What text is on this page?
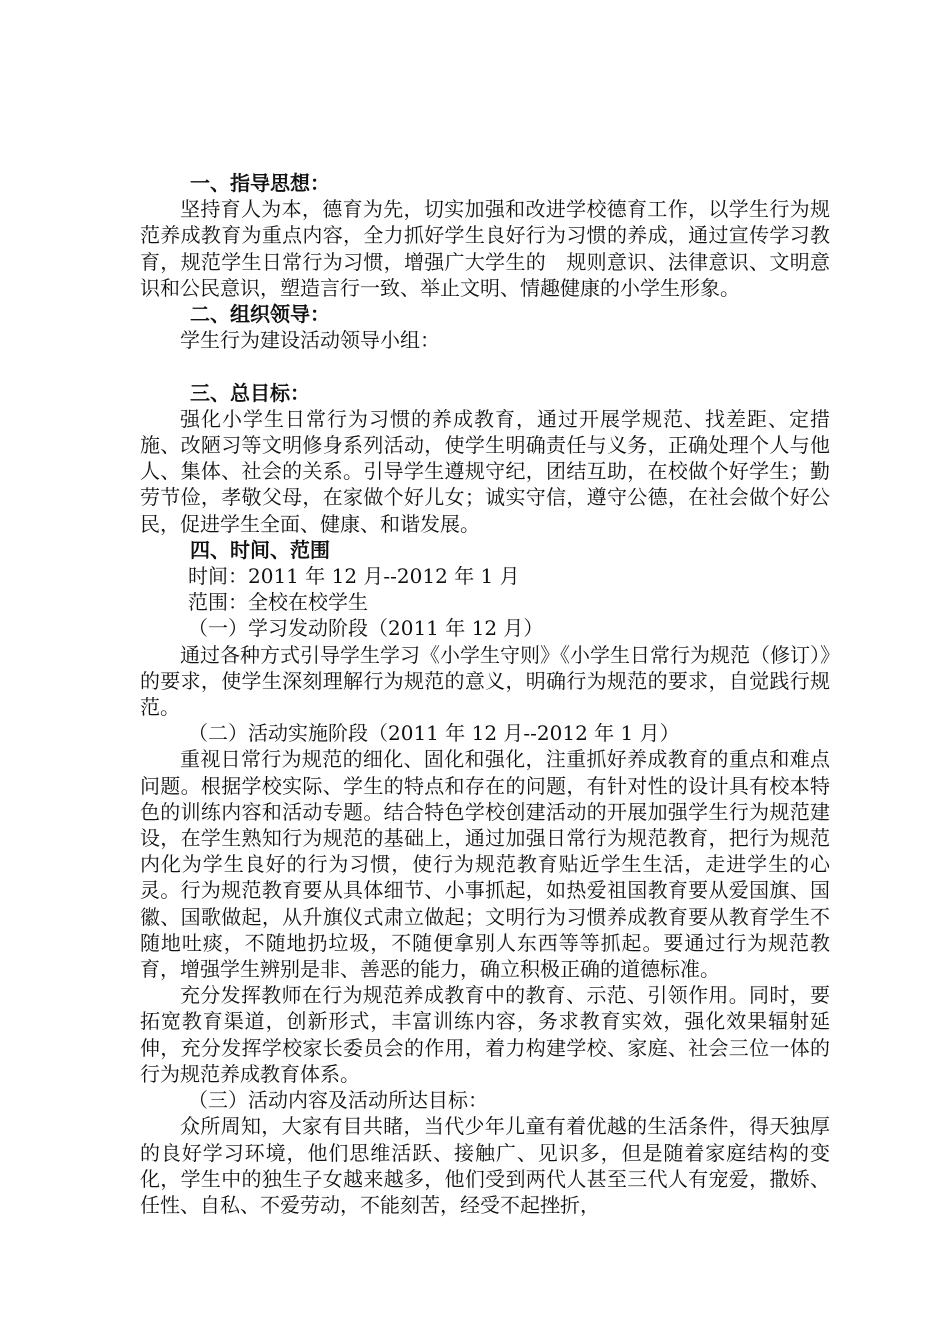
一、指导思想：

坚持育人为本，德育为先，切实加强和改进学校德育工作，以学生行为规范养成教育为重点内容，全力抓好学生良好行为习惯的养成，通过宣传学习教育，规范学生日常行为习惯，增强广大学生的　规则意识、法律意识、文明意识和公民意识，塑造言行一致、举止文明、情趣健康的小学生形象。

二、组织领导：

学生行为建设活动领导小组：

三、总目标：

强化小学生日常行为习惯的养成教育，通过开展学规范、找差距、定措施、改陋习等文明修身系列活动，使学生明确责任与义务，正确处理个人与他人、集体、社会的关系。引导学生遵规守纪，团结互助，在校做个好学生；勤劳节俭，孝敬父母，在家做个好儿女；诚实守信，遵守公德，在社会做个好公民，促进学生全面、健康、和谐发展。

四、时间、范围

时间：2011 年 12 月--2012 年 1 月

范围：全校在校学生

（一）学习发动阶段（2011 年 12 月）

通过各种方式引导学生学习《小学生守则》《小学生日常行为规范（修订）》的要求，使学生深刻理解行为规范的意义，明确行为规范的要求，自觉践行规范。

（二）活动实施阶段（2011 年 12 月--2012 年 1 月）

重视日常行为规范的细化、固化和强化，注重抓好养成教育的重点和难点问题。根据学校实际、学生的特点和存在的问题，有针对性的设计具有校本特色的训练内容和活动专题。结合特色学校创建活动的开展加强学生行为规范建设，在学生熟知行为规范的基础上，通过加强日常行为规范教育，把行为规范内化为学生良好的行为习惯，使行为规范教育贴近学生生活，走进学生的心灵。行为规范教育要从具体细节、小事抓起，如热爱祖国教育要从爱国旗、国徽、国歌做起，从升旗仪式肃立做起；文明行为习惯养成教育要从教育学生不随地吐痰，不随地扔垃圾，不随便拿别人东西等等抓起。要通过行为规范教育，增强学生辨别是非、善恶的能力，确立积极正确的道德标准。

充分发挥教师在行为规范养成教育中的教育、示范、引领作用。同时，要拓宽教育渠道，创新形式，丰富训练内容，务求教育实效，强化效果辐射延伸，充分发挥学校家长委员会的作用，着力构建学校、家庭、社会三位一体的行为规范养成教育体系。

（三）活动内容及活动所达目标：

众所周知，大家有目共睹，当代少年儿童有着优越的生活条件，得天独厚的良好学习环境，他们思维活跃、接触广、见识多，但是随着家庭结构的变化，学生中的独生子女越来越多，他们受到两代人甚至三代人有宠爱，撒娇、任性、自私、不爱劳动，不能刻苦，经受不起挫折，
